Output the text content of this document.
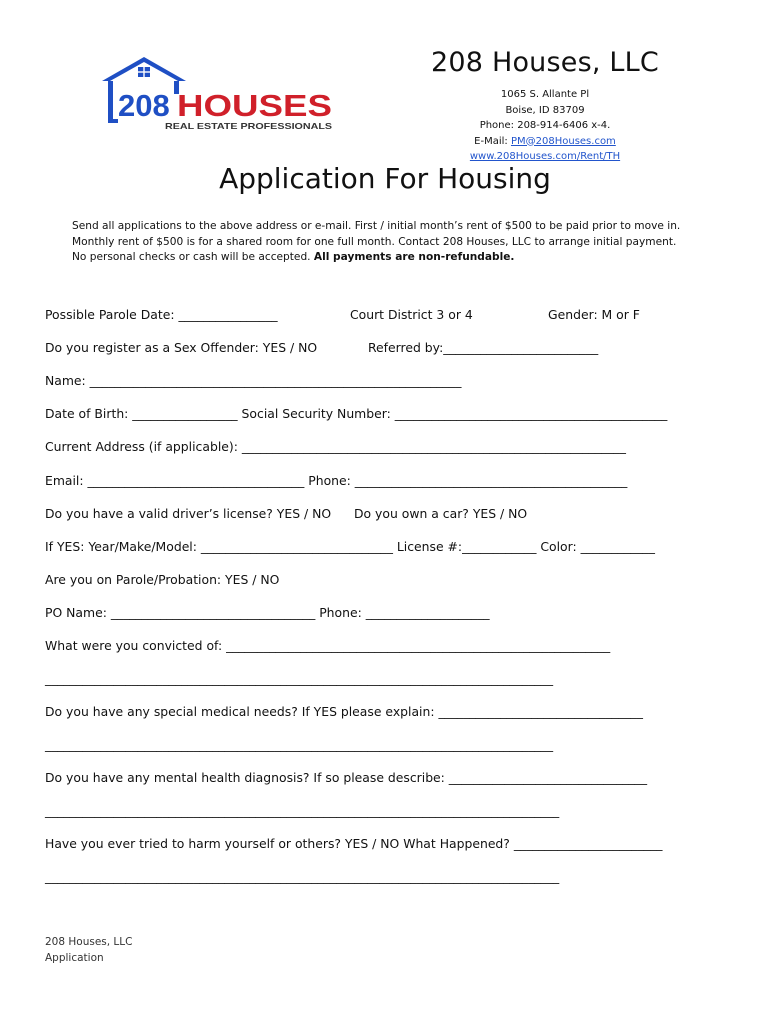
208 HOUSES
REAL ESTATE PROFESSIONALS
208 Houses, LLC
1065 S. Allante Pl
Boise, ID 83709
Phone: 208-914-6406 x-4.
E-Mail: PM@208Houses.com
www.208Houses.com/Rent/TH
Application For Housing
Send all applications to the above address or e-mail. First / initial month’s rent of $500 to be paid prior to move in.
Monthly rent of $500 is for a shared room for one full month. Contact 208 Houses, LLC to arrange initial payment.
No personal checks or cash will be accepted. All payments are non-refundable.
Possible Parole Date: ________________	Court District 3 or 4	Gender: M or F
Do you register as a Sex Offender: YES / NO	Referred by:_________________________
Name: ____________________________________________________________
Date of Birth: _________________ Social Security Number: ____________________________________________
Current Address (if applicable): ______________________________________________________________
Email: ___________________________________ Phone: ____________________________________________
Do you have a valid driver’s license? YES / NO Do you own a car? YES / NO
If YES: Year/Make/Model: _______________________________ License #:____________ Color: ____________
Are you on Parole/Probation: YES / NO
PO Name: _________________________________ Phone: ____________________
What were you convicted of: ______________________________________________________________
__________________________________________________________________________________
Do you have any special medical needs? If YES please explain: _________________________________
__________________________________________________________________________________
Do you have any mental health diagnosis? If so please describe: ________________________________
___________________________________________________________________________________
Have you ever tried to harm yourself or others? YES / NO What Happened? ________________________
___________________________________________________________________________________
208 Houses, LLC
Application
